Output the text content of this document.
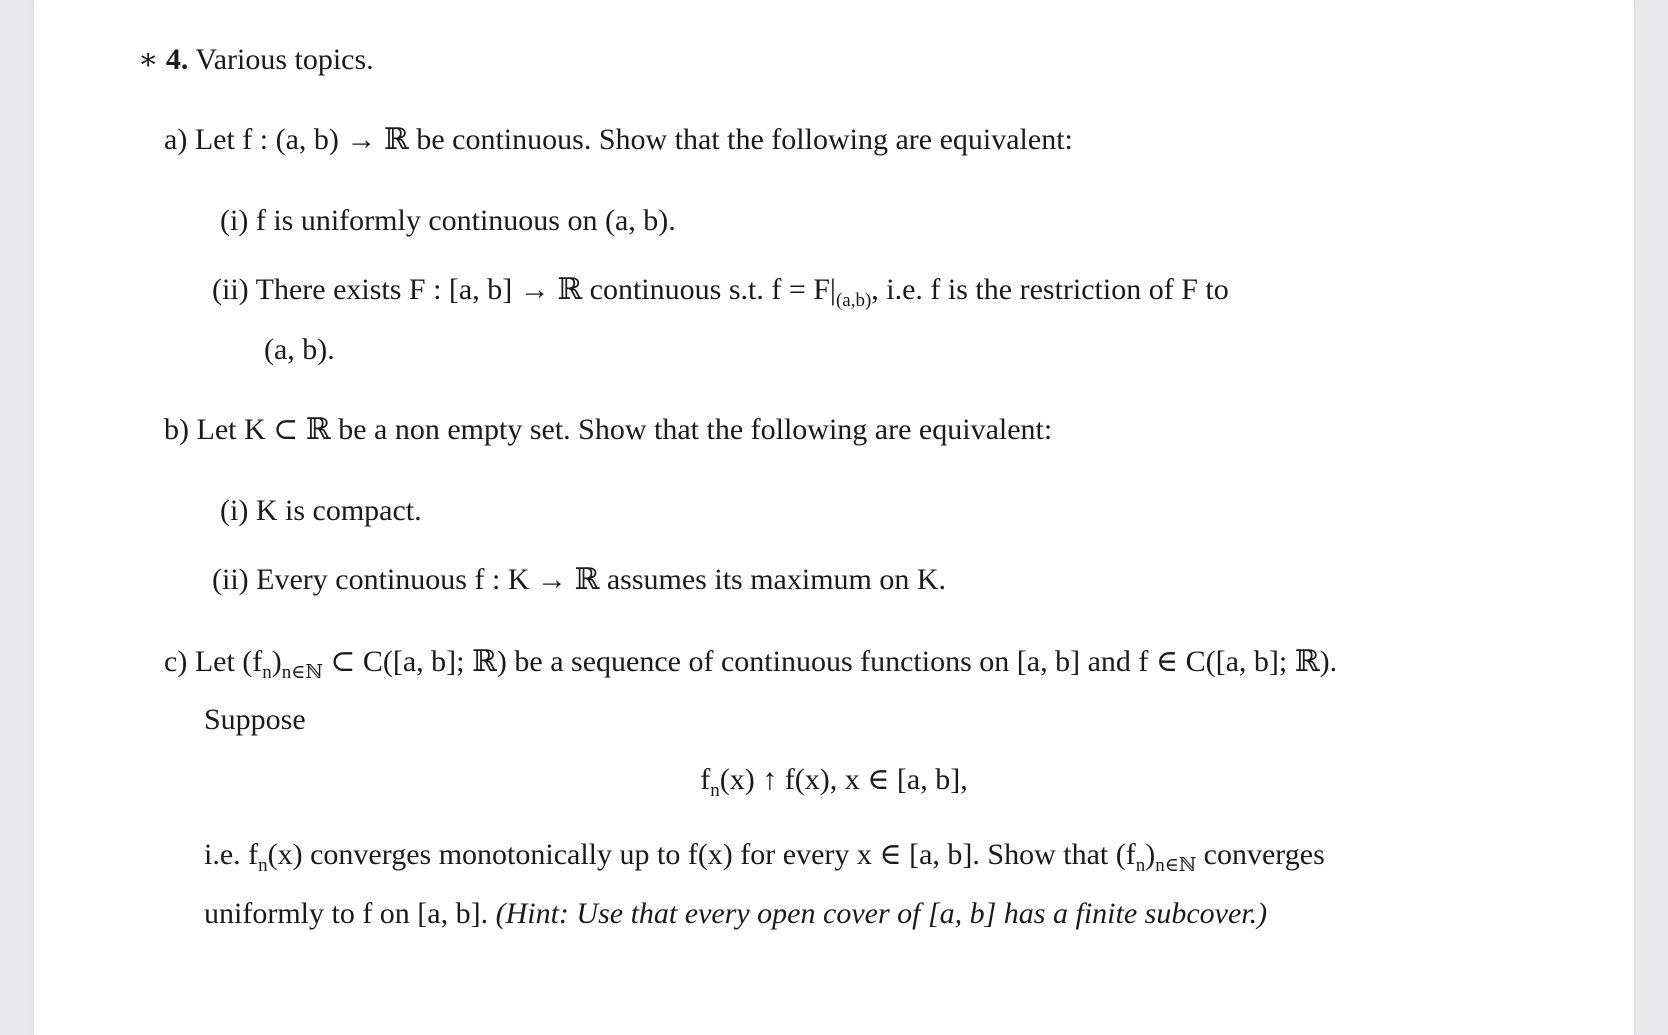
∗ 4. Various topics.
a) Let f : (a, b) → ℝ be continuous. Show that the following are equivalent:
(i) f is uniformly continuous on (a, b).
(ii) There exists F : [a, b] → ℝ continuous s.t. $f = F|_{(a,b)}$, i.e. f is the restriction of F to
(a, b).
b) Let K ⊂ ℝ be a non empty set. Show that the following are equivalent:
(i) K is compact.
(ii) Every continuous f : K → ℝ assumes its maximum on K.
c) Let $(f_n)_{n\in ℕ}$ ⊂ C([a, b]; ℝ) be a sequence of continuous functions on [a, b] and f ∈ C([a, b]; ℝ).
Suppose
$f_n(x)$ ↑ f(x), x ∈ [a, b],
i.e. $f_n(x)$ converges monotonically up to f(x) for every x ∈ [a, b]. Show that $(f_n)_{n\in ℕ}$ converges
uniformly to f on [a, b]. (Hint: Use that every open cover of [a, b] has a finite subcover.)
